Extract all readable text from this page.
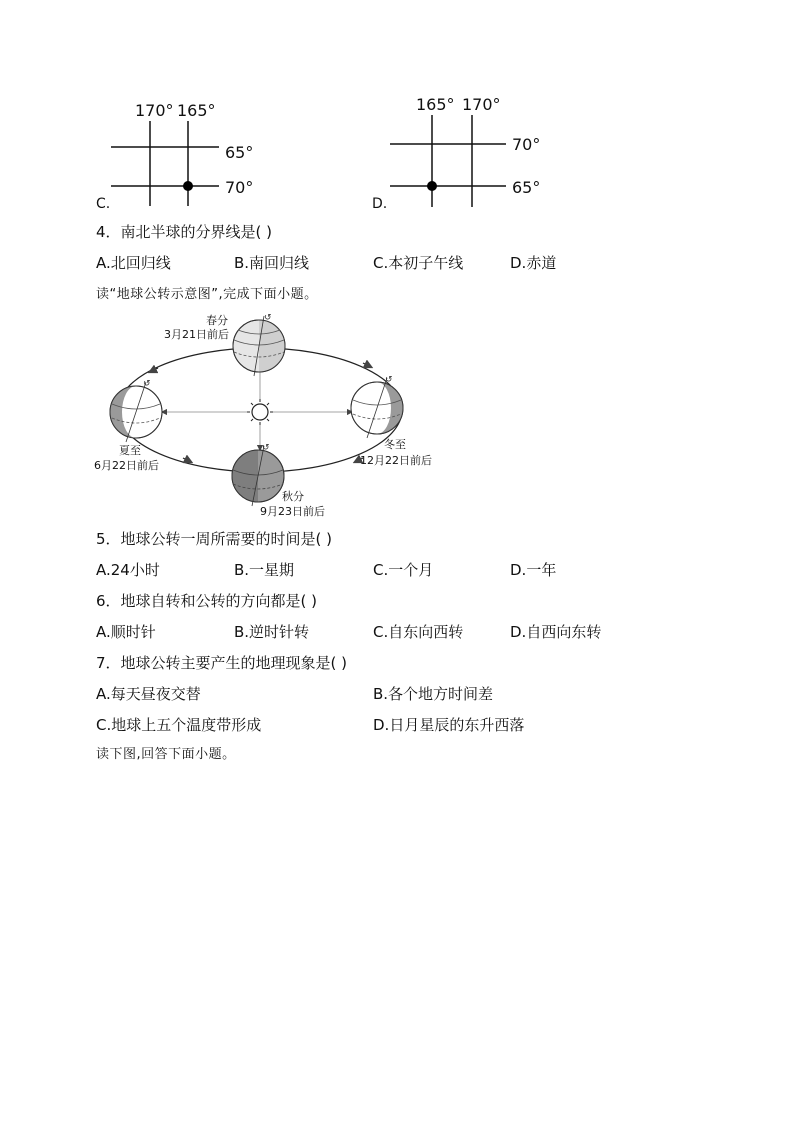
170° 165°
65°
70°
C.
165° 170°
70°
65°
D.
4．南北半球的分界线是( )
A.北回归线	B.南回归线	C.本初子午线	D.赤道
读“地球公转示意图”,完成下面小题。
↺
春分
3月21日前后
↺
夏至
6月22日前后
↺
冬至
12月22日前后
↺
秋分
9月23日前后
5．地球公转一周所需要的时间是( )
A.24小时	B.一星期	C.一个月	D.一年
6．地球自转和公转的方向都是( )
A.顺时针	B.逆时针转	C.自东向西转	D.自西向东转
7．地球公转主要产生的地理现象是( )
A.每天昼夜交替	B.各个地方时间差
C.地球上五个温度带形成	D.日月星辰的东升西落
读下图,回答下面小题。
